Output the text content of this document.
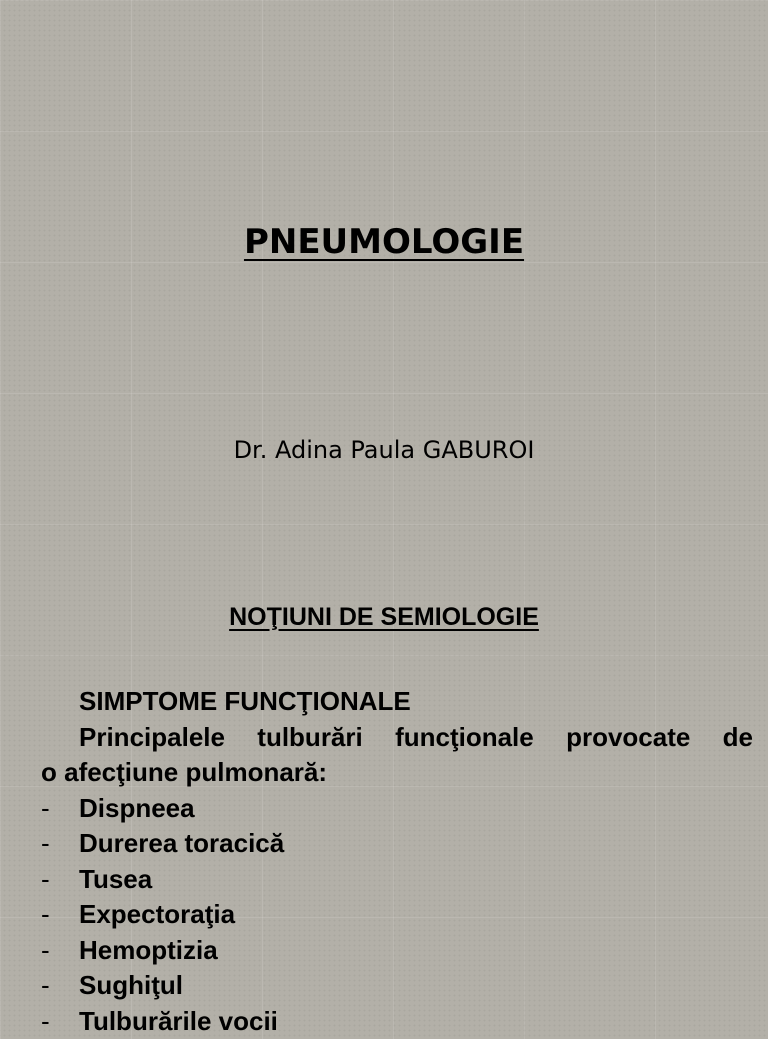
PNEUMOLOGIE

Dr. Adina Paula GABUROI

NOŢIUNI DE SEMIOLOGIE
SIMPTOME FUNCŢIONALE
Principalele tulburări funcţionale provocate de
o afecţiune pulmonară:
- Dispneea
- Durerea toracică
- Tusea
- Expectoraţia
- Hemoptizia
- Sughiţul
- Tulburările vocii
